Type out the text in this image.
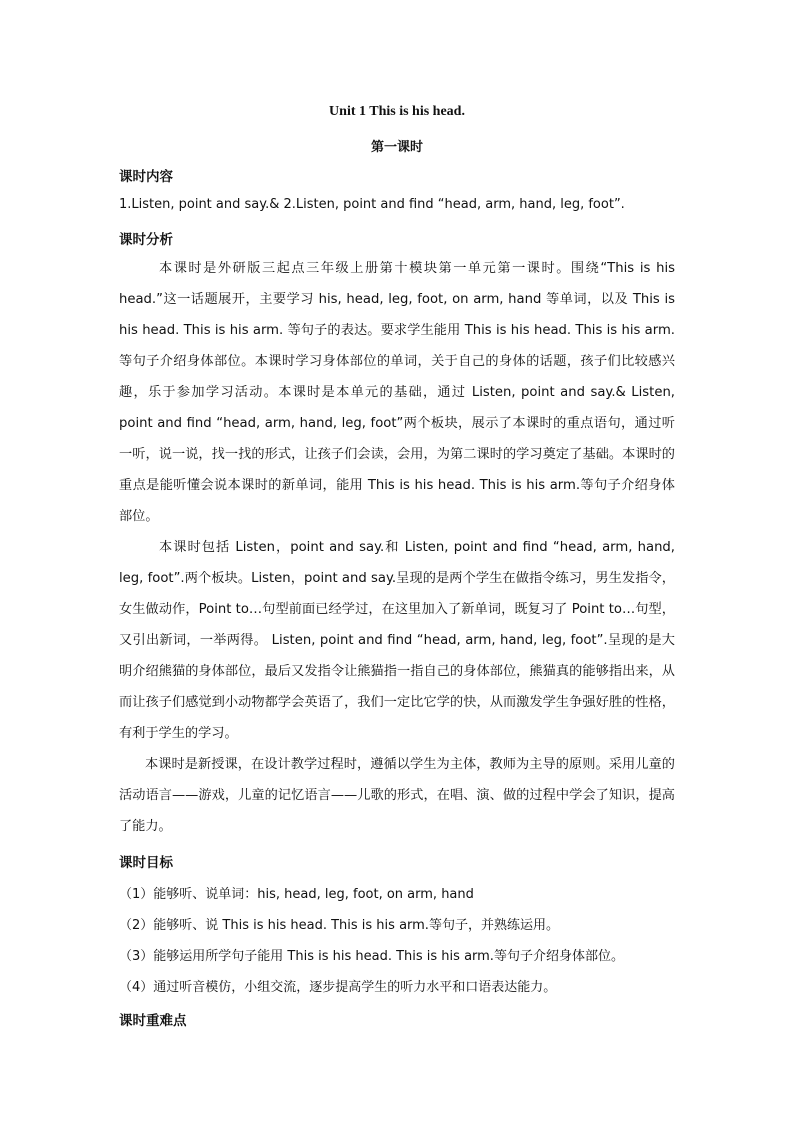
Unit 1 This is his head.
第一课时
课时内容
1.Listen, point and say.& 2.Listen, point and find “head, arm, hand, leg, foot”.
课时分析

本课时是外研版三起点三年级上册第十模块第一单元第一课时。围绕“This is his head.”这一话题展开，主要学习 his, head, leg, foot, on arm, hand 等单词，以及 This is his head. This is his arm. 等句子的表达。要求学生能用 This is his head. This is his arm.等句子介绍身体部位。本课时学习身体部位的单词，关于自己的身体的话题，孩子们比较感兴趣，乐于参加学习活动。本课时是本单元的基础，通过 Listen, point and say.& Listen, point and find “head, arm, hand, leg, foot”两个板块，展示了本课时的重点语句，通过听一听，说一说，找一找的形式，让孩子们会读，会用，为第二课时的学习奠定了基础。本课时的重点是能听懂会说本课时的新单词，能用 This is his head. This is his arm.等句子介绍身体部位。

本课时包括 Listen，point and say.和 Listen, point and find “head, arm, hand, leg, foot”.两个板块。Listen，point and say.呈现的是两个学生在做指令练习，男生发指令，女生做动作，Point to…句型前面已经学过，在这里加入了新单词，既复习了 Point to…句型，又引出新词，一举两得。 Listen, point and find “head, arm, hand, leg, foot”.呈现的是大明介绍熊猫的身体部位，最后又发指令让熊猫指一指自己的身体部位，熊猫真的能够指出来，从而让孩子们感觉到小动物都学会英语了，我们一定比它学的快，从而激发学生争强好胜的性格，有利于学生的学习。

本课时是新授课，在设计教学过程时，遵循以学生为主体，教师为主导的原则。采用儿童的活动语言——游戏，儿童的记忆语言——儿歌的形式，在唱、演、做的过程中学会了知识，提高了能力。

课时目标
（1）能够听、说单词：his, head, leg, foot, on arm, hand
（2）能够听、说 This is his head. This is his arm.等句子，并熟练运用。
（3）能够运用所学句子能用 This is his head. This is his arm.等句子介绍身体部位。
（4）通过听音模仿，小组交流，逐步提高学生的听力水平和口语表达能力。
课时重难点
